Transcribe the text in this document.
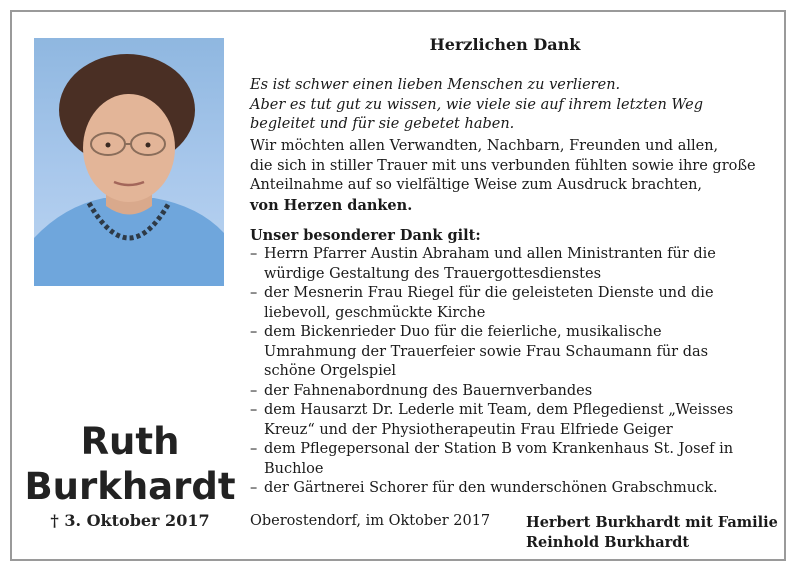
Ruth
Burkhardt
† 3. Oktober 2017
Herzlichen Dank
Es ist schwer einen lieben Menschen zu verlieren.
Aber es tut gut zu wissen, wie viele sie auf ihrem letzten Weg
begleitet und für sie gebetet haben.
Wir möchten allen Verwandten, Nachbarn, Freunden und allen,
die sich in stiller Trauer mit uns verbunden fühlten sowie ihre große
Anteilnahme auf so vielfältige Weise zum Ausdruck brachten,
von Herzen danken.
Unser besonderer Dank gilt:
– Herrn Pfarrer Austin Abraham und allen Ministranten für die
würdige Gestaltung des Trauergottesdienstes
– der Mesnerin Frau Riegel für die geleisteten Dienste und die
liebevoll, geschmückte Kirche
– dem Bickenrieder Duo für die feierliche, musikalische
Umrahmung der Trauerfeier sowie Frau Schaumann für das
schöne Orgelspiel
– der Fahnenabordnung des Bauernverbandes
– dem Hausarzt Dr. Lederle mit Team, dem Pflegedienst „Weisses
Kreuz“ und der Physiotherapeutin Frau Elfriede Geiger
– dem Pflegepersonal der Station B vom Krankenhaus St. Josef in
Buchloe
– der Gärtnerei Schorer für den wunderschönen Grabschmuck.
Oberostendorf, im Oktober 2017 Herbert Burkhardt mit Familie
Reinhold Burkhardt
